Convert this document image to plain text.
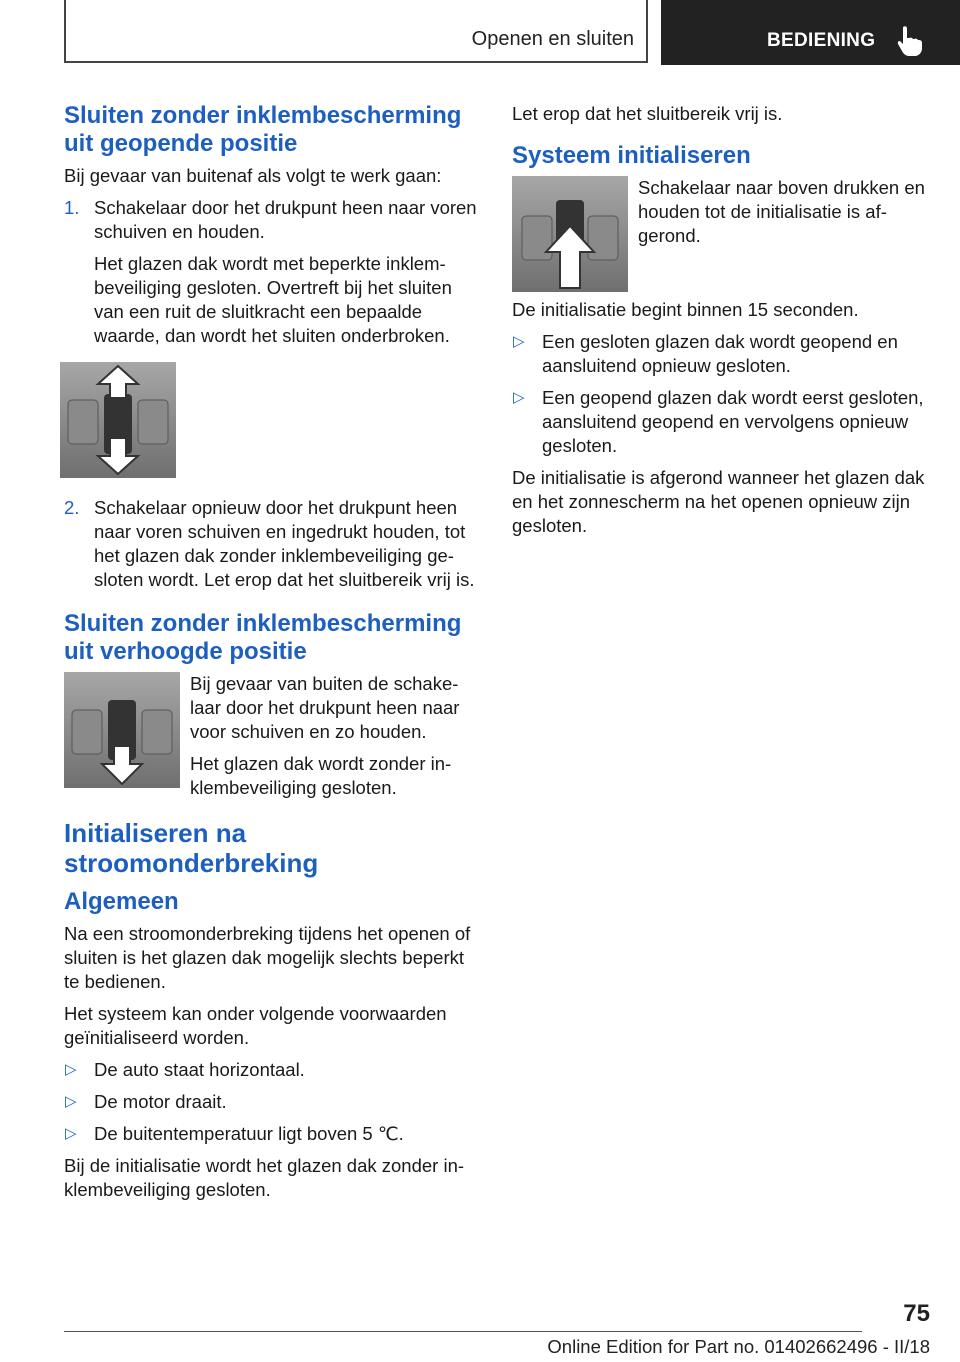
Openen en sluiten	BEDIENING
Sluiten zonder inklembescherming uit geopende positie

Bij gevaar van buitenaf als volgt te werk gaan:

1. Schakelaar door het drukpunt heen naar voren schuiven en houden.

Het glazen dak wordt met beperkte inklembeveiliging gesloten. Overtreft bij het sluiten van een ruit de sluitkracht een bepaalde waarde, dan wordt het sluiten onderbroken.

2. Schakelaar opnieuw door het drukpunt heen naar voren schuiven en ingedrukt houden, tot het glazen dak zonder inklembeveiliging gesloten wordt. Let erop dat het sluitbereik vrij is.

Sluiten zonder inklembescherming uit verhoogde positie

Bij gevaar van buiten de schakelaar door het drukpunt heen naar voor schuiven en zo houden.

Het glazen dak wordt zonder inklembeveiliging gesloten.

Initialiseren na stroomonderbreking
Algemeen

Na een stroomonderbreking tijdens het openen of sluiten is het glazen dak mogelijk slechts beperkt te bedienen.

Het systeem kan onder volgende voorwaarden geïnitialiseerd worden.

▷ De auto staat horizontaal.
▷ De motor draait.
▷ De buitentemperatuur ligt boven 5 ℃.

Bij de initialisatie wordt het glazen dak zonder inklembeveiliging gesloten.

Let erop dat het sluitbereik vrij is.

Systeem initialiseren

Schakelaar naar boven drukken en houden tot de initialisatie is afgerond.

De initialisatie begint binnen 15 seconden.

▷ Een gesloten glazen dak wordt geopend en aansluitend opnieuw gesloten.
▷ Een geopend glazen dak wordt eerst gesloten, aansluitend geopend en vervolgens opnieuw gesloten.

De initialisatie is afgerond wanneer het glazen dak en het zonnescherm na het openen opnieuw zijn gesloten.

75
Online Edition for Part no. 01402662496 - II/18
